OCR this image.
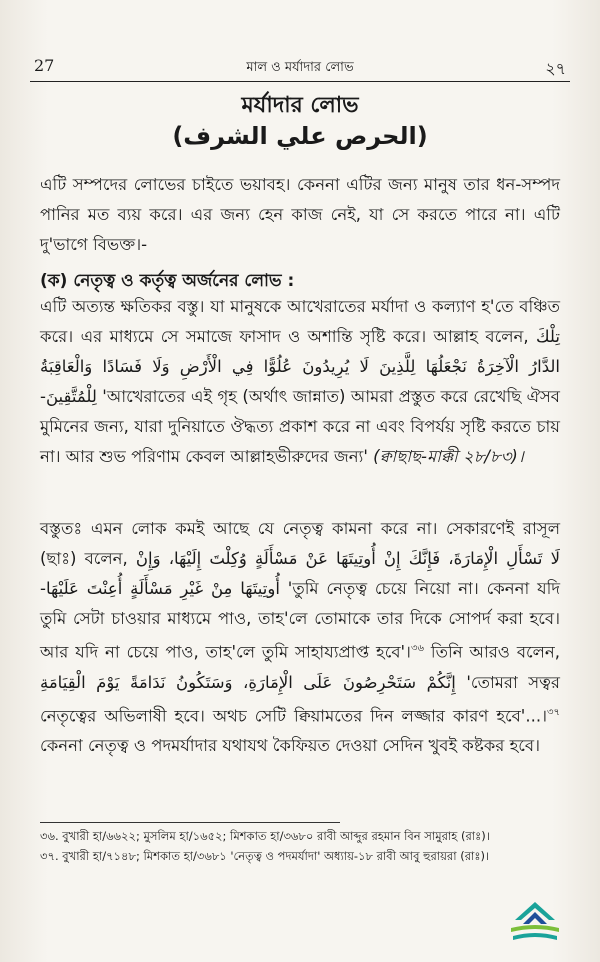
27	মাল ও মর্যাদার লোভ	২৭
মর্যাদার লোভ
(الحرص علي الشرف)
এটি সম্পদের লোভের চাইতে ভয়াবহ। কেননা এটির জন্য মানুষ তার ধন-সম্পদ পানির মত ব্যয় করে। এর জন্য হেন কাজ নেই, যা সে করতে পারে না। এটি দু'ভাগে বিভক্ত।-
(ক) নেতৃত্ব ও কর্তৃত্ব অর্জনের লোভ :
এটি অত্যন্ত ক্ষতিকর বস্তু। যা মানুষকে আখেরাতের মর্যাদা ও কল্যাণ হ'তে বঞ্চিত করে। এর মাধ্যমে সে সমাজে ফাসাদ ও অশান্তি সৃষ্টি করে। আল্লাহ বলেন, تِلْكَ الدَّارُ الْآخِرَةُ نَجْعَلُهَا لِلَّذِينَ لَا يُرِيدُونَ عُلُوًّا فِي الْأَرْضِ وَلَا فَسَادًا وَالْعَاقِبَةُ لِلْمُتَّقِينَ- 'আখেরাতের এই গৃহ (অর্থাৎ জান্নাত) আমরা প্রস্তুত করে রেখেছি ঐসব মুমিনের জন্য, যারা দুনিয়াতে ঔদ্ধত্য প্রকাশ করে না এবং বিপর্যয় সৃষ্টি করতে চায় না। আর শুভ পরিণাম কেবল আল্লাহভীরুদের জন্য' (ক্বাছাছ-মাক্কী ২৮/৮৩)।
বস্তুতঃ এমন লোক কমই আছে যে নেতৃত্ব কামনা করে না। সেকারণেই রাসূল (ছাঃ) বলেন, لَا تَسْأَلِ الْإِمَارَةَ، فَإِنَّكَ إِنْ أُوتِيتَهَا عَنْ مَسْأَلَةٍ وُكِلْتَ إِلَيْهَا، وَإِنْ أُوتِيتَهَا مِنْ غَيْرِ مَسْأَلَةٍ أُعِنْتَ عَلَيْهَا- 'তুমি নেতৃত্ব চেয়ে নিয়ো না। কেননা যদি তুমি সেটা চাওয়ার মাধ্যমে পাও, তাহ'লে তোমাকে তার দিকে সোপর্দ করা হবে। আর যদি না চেয়ে পাও, তাহ'লে তুমি সাহায্যপ্রাপ্ত হবে'।$^{৩৬}$ তিনি আরও বলেন, إِنَّكُمْ سَتَحْرِصُونَ عَلَى الْإِمَارَةِ، وَسَتَكُونُ نَدَامَةً يَوْمَ الْقِيَامَةِ 'তোমরা সত্বর নেতৃত্বের অভিলাষী হবে। অথচ সেটি ক্বিয়ামতের দিন লজ্জার কারণ হবে'...।$^{৩৭}$ কেননা নেতৃত্ব ও পদমর্যাদার যথাযথ কৈফিয়ত দেওয়া সেদিন খুবই কষ্টকর হবে।
৩৬. বুখারী হা/৬৬২২; মুসলিম হা/১৬৫২; মিশকাত হা/৩৬৮০ রাবী আব্দুর রহমান বিন সামুরাহ (রাঃ)।
৩৭. বুখারী হা/৭১৪৮; মিশকাত হা/৩৬৮১ 'নেতৃত্ব ও পদমর্যাদা' অধ্যায়-১৮ রাবী আবু হুরায়রা (রাঃ)।
